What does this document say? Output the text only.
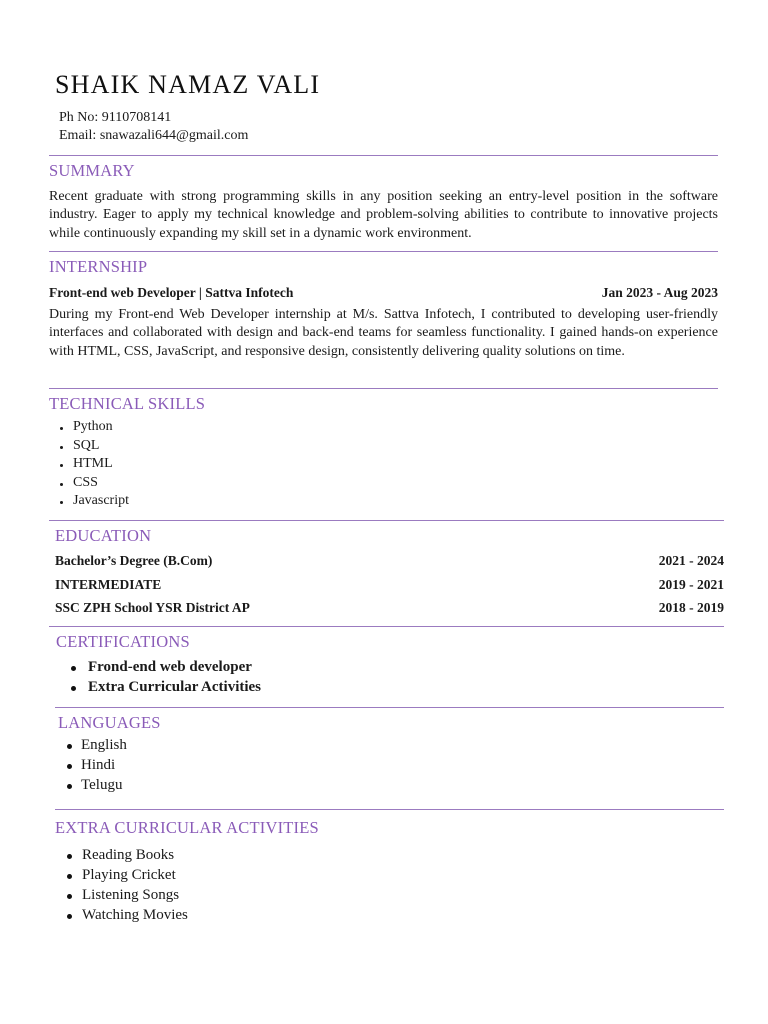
SHAIK NAMAZ VALI
Ph No: 9110708141
Email: snawazali644@gmail.com
SUMMARY
Recent graduate with strong programming skills in any position seeking an entry-level position in the software industry. Eager to apply my technical knowledge and problem-solving abilities to contribute to innovative projects while continuously expanding my skill set in a dynamic work environment.
INTERNSHIP
Front-end web Developer | Sattva Infotech	Jan 2023 - Aug 2023
During my Front-end Web Developer internship at M/s. Sattva Infotech, I contributed to developing user-friendly interfaces and collaborated with design and back-end teams for seamless functionality. I gained hands-on experience with HTML, CSS, JavaScript, and responsive design, consistently delivering quality solutions on time.
TECHNICAL SKILLS
Python
SQL
HTML
CSS
Javascript
EDUCATION
Bachelor’s Degree (B.Com)	2021 - 2024
INTERMEDIATE	2019 - 2021
SSC ZPH School YSR District AP	2018 - 2019
CERTIFICATIONS
Frond-end web developer
Extra Curricular Activities
LANGUAGES
English
Hindi
Telugu
EXTRA CURRICULAR ACTIVITIES
Reading Books
Playing Cricket
Listening Songs
Watching Movies
